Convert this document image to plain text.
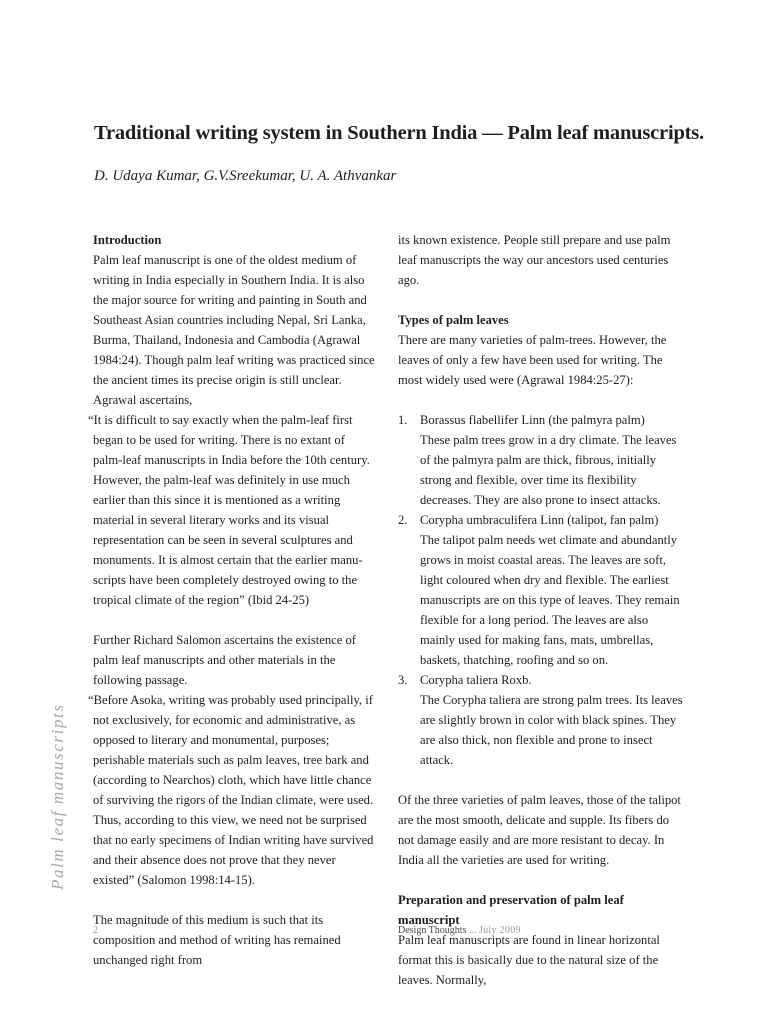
Traditional writing system in Southern India — Palm leaf manuscripts.

D. Udaya Kumar, G.V.Sreekumar, U. A. Athvankar

Introduction

Palm leaf manuscript is one of the oldest medium of writing in India especially in Southern India. It is also the major source for writing and painting in South and Southeast Asian countries including Nepal, Sri Lanka, Burma, Thailand, Indonesia and Cambodia (Agrawal 1984:24). Though palm leaf writing was practiced since the ancient times its precise origin is still unclear. Agrawal ascertains,

“It is difficult to say exactly when the palm-leaf first began to be used for writing. There is no extant of palm-leaf manuscripts in India before the 10th century. However, the palm-leaf was definitely in use much earlier than this since it is mentioned as a writing material in several literary works and its visual representation can be seen in several sculptures and monuments. It is almost certain that the earlier manu-scripts have been completely destroyed owing to the tropical climate of the region” (Ibid 24-25)

Further Richard Salomon ascertains the existence of palm leaf manuscripts and other materials in the following passage.

“Before Asoka, writing was probably used principally, if not exclusively, for economic and administrative, as opposed to literary and monumental, purposes; perishable materials such as palm leaves, tree bark and (according to Nearchos) cloth, which have little chance of surviving the rigors of the Indian climate, were used. Thus, according to this view, we need not be surprised that no early specimens of Indian writing have survived and their absence does not prove that they never existed” (Salomon 1998:14-15).

The magnitude of this medium is such that its composition and method of writing has remained unchanged right from

its known existence. People still prepare and use palm leaf manuscripts the way our ancestors used centuries ago.

Types of palm leaves

There are many varieties of palm-trees. However, the leaves of only a few have been used for writing. The most widely used were (Agrawal 1984:25-27):

1. Borassus flabellifer Linn (the palmyra palm)

These palm trees grow in a dry climate. The leaves of the palmyra palm are thick, fibrous, initially strong and flexible, over time its flexibility decreases. They are also prone to insect attacks.

2. Corypha umbraculifera Linn (talipot, fan palm)

The talipot palm needs wet climate and abundantly grows in moist coastal areas. The leaves are soft, light coloured when dry and flexible. The earliest manuscripts are on this type of leaves. They remain flexible for a long period. The leaves are also mainly used for making fans, mats, umbrellas, baskets, thatching, roofing and so on.

3. Corypha taliera Roxb.

The Corypha taliera are strong palm trees. Its leaves are slightly brown in color with black spines. They are also thick, non flexible and prone to insect attack.

Of the three varieties of palm leaves, those of the talipot are the most smooth, delicate and supple. Its fibers do not damage easily and are more resistant to decay. In India all the varieties are used for writing.

Preparation and preservation of palm leaf manuscript

Palm leaf manuscripts are found in linear horizontal format this is basically due to the natural size of the leaves. Normally,

Palm leaf manuscripts
2	Design Thoughts ... July 2009
